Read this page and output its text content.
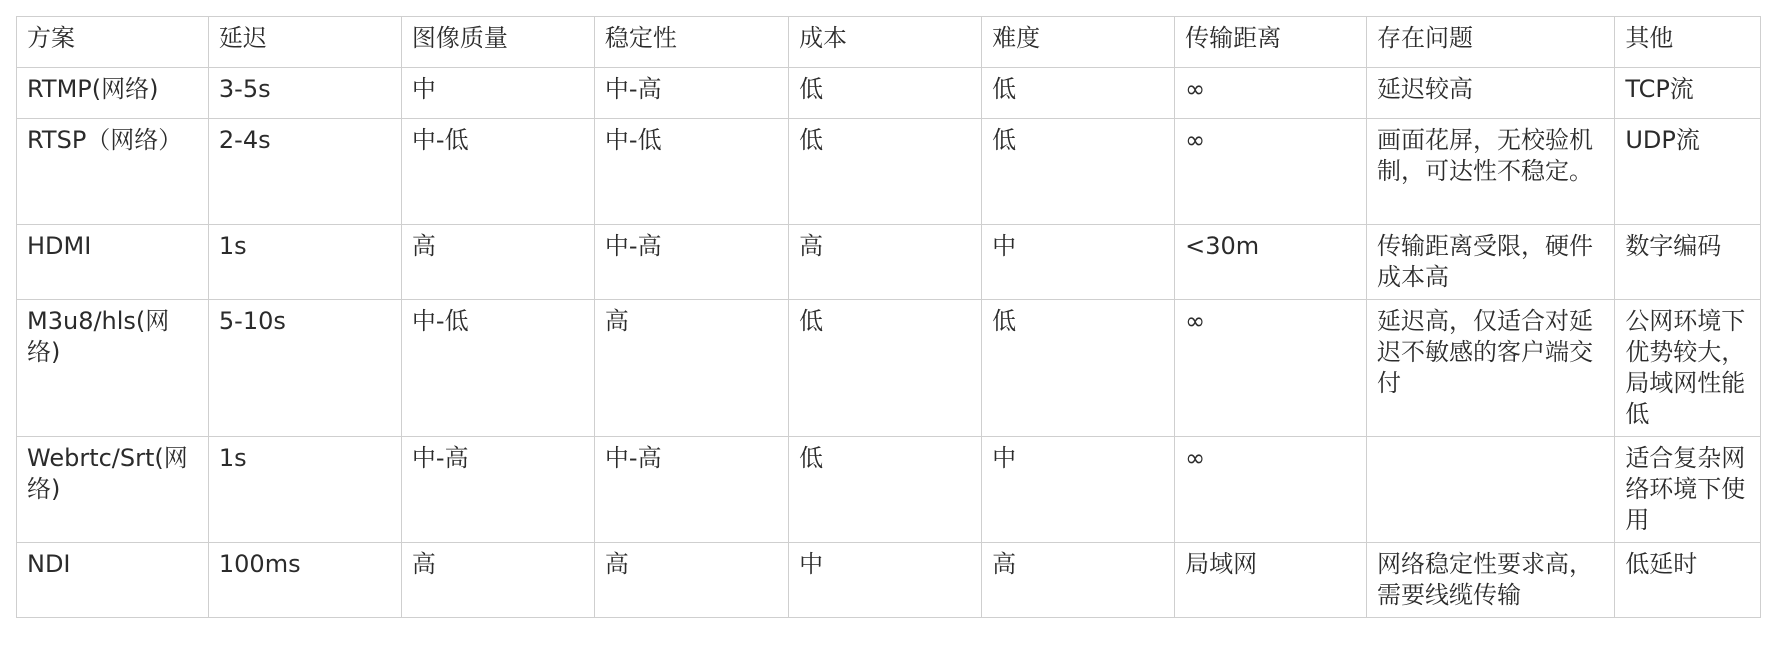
方案	延迟	图像质量	稳定性	成本	难度	传输距离	存在问题	其他
RTMP(网络)	3-5s	中	中-高	低	低	∞	延迟较高	TCP流
RTSP（网络）	2-4s	中-低	中-低	低	低	∞	画面花屏，无校验机制，可达性不稳定。	UDP流
HDMI	1s	高	中-高	高	中	<30m	传输距离受限，硬件成本高	数字编码
M3u8/hls(网络)	5-10s	中-低	高	低	低	∞	延迟高，仅适合对延迟不敏感的客户端交付	公网环境下优势较大，局域网性能低
Webrtc/Srt(网络)	1s	中-高	中-高	低	中	∞		适合复杂网络环境下使用
NDI	100ms	高	高	中	高	局域网	网络稳定性要求高，需要线缆传输	低延时
